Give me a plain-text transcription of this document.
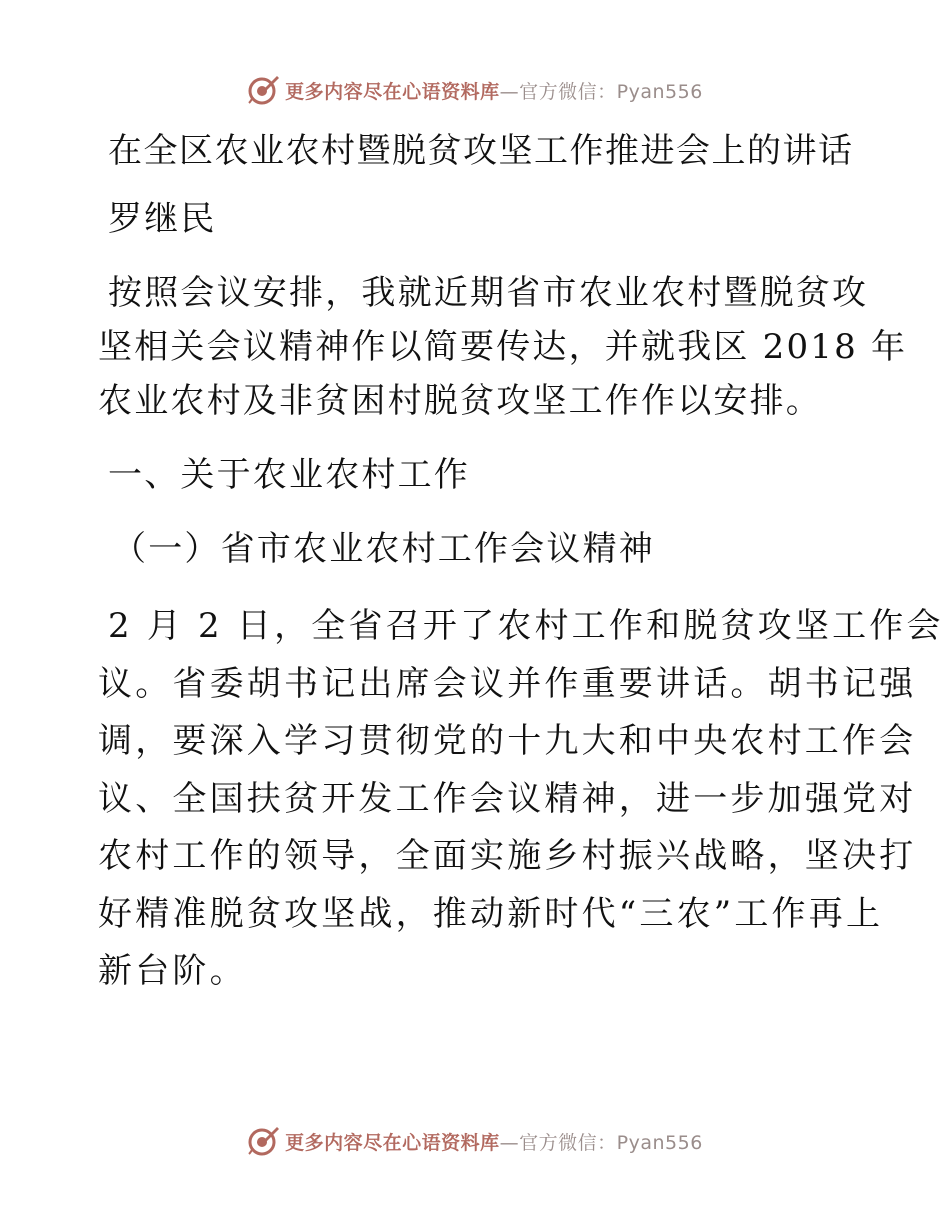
更多内容尽在心语资料库—官方微信：Pyan556
在全区农业农村暨脱贫攻坚工作推进会上的讲话
罗继民
按照会议安排，我就近期省市农业农村暨脱贫攻
坚相关会议精神作以简要传达，并就我区 2018 年
农业农村及非贫困村脱贫攻坚工作作以安排。
一、关于农业农村工作
（一）省市农业农村工作会议精神
2 月 2 日，全省召开了农村工作和脱贫攻坚工作会
议。省委胡书记出席会议并作重要讲话。胡书记强
调，要深入学习贯彻党的十九大和中央农村工作会
议、全国扶贫开发工作会议精神，进一步加强党对
农村工作的领导，全面实施乡村振兴战略，坚决打
好精准脱贫攻坚战，推动新时代“三农”工作再上
新台阶。
更多内容尽在心语资料库—官方微信：Pyan556
